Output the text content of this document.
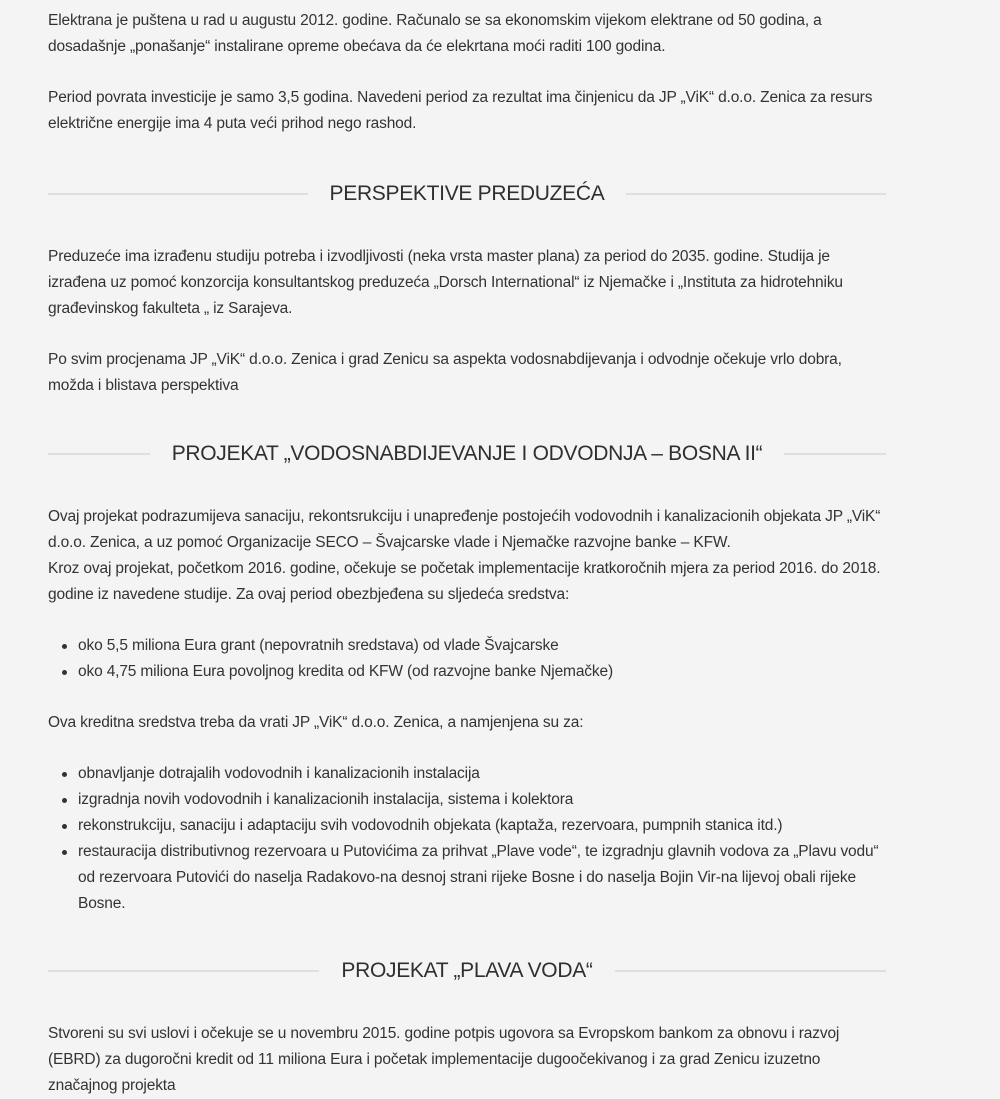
Elektrana je puštena u rad u augustu 2012. godine. Računalo se sa ekonomskim vijekom elektrane od 50 godina, a dosadašnje „ponašanje“ instalirane opreme obećava da će elekrtana moći raditi 100 godina.

Period povrata investicije je samo 3,5 godina. Navedeni period za rezultat ima činjenicu da JP „ViK“ d.o.o. Zenica za resurs električne energije ima 4 puta veći prihod nego rashod.

PERSPEKTIVE PREDUZEĆA

Preduzeće ima izrađenu studiju potreba i izvodljivosti (neka vrsta master plana) za period do 2035. godine. Studija je izrađena uz pomoć konzorcija konsultantskog preduzeća „Dorsch International“ iz Njemačke i „Instituta za hidrotehniku građevinskog fakulteta „ iz Sarajeva.

Po svim procjenama JP „ViK“ d.o.o. Zenica i grad Zenicu sa aspekta vodosnabdijevanja i odvodnje očekuje vrlo dobra, možda i blistava perspektiva

PROJEKAT „VODOSNABDIJEVANJE I ODVODNJA – BOSNA II“

Ovaj projekat podrazumijeva sanaciju, rekontsrukciju i unapređenje postojećih vodovodnih i kanalizacionih objekata JP „ViK“ d.o.o. Zenica, a uz pomoć Organizacije SECO – Švajcarske vlade i Njemačke razvojne banke – KFW.

Kroz ovaj projekat, početkom 2016. godine, očekuje se početak implementacije kratkoročnih mjera za period 2016. do 2018. godine iz navedene studije. Za ovaj period obezbjeđena su sljedeća sredstva:

oko 5,5 miliona Eura grant (nepovratnih sredstava) od vlade Švajcarske
oko 4,75 miliona Eura povoljnog kredita od KFW (od razvojne banke Njemačke)

Ova kreditna sredstva treba da vrati JP „ViK“ d.o.o. Zenica, a namjenjena su za:

obnavljanje dotrajalih vodovodnih i kanalizacionih instalacija
izgradnja novih vodovodnih i kanalizacionih instalacija, sistema i kolektora
rekonstrukciju, sanaciju i adaptaciju svih vodovodnih objekata (kaptaža, rezervoara, pumpnih stanica itd.)
restauracija distributivnog rezervoara u Putovićima za prihvat „Plave vode“, te izgradnju glavnih vodova za „Plavu vodu“ od rezervoara Putovići do naselja Radakovo-na desnoj strani rijeke Bosne i do naselja Bojin Vir-na lijevoj obali rijeke Bosne.
PROJEKAT „PLAVA VODA“

Stvoreni su svi uslovi i očekuje se u novembru 2015. godine potpis ugovora sa Evropskom bankom za obnovu i razvoj (EBRD) za dugoročni kredit od 11 miliona Eura i početak implementacije dugoočekivanog i za grad Zenicu izuzetno značajnog projekta
